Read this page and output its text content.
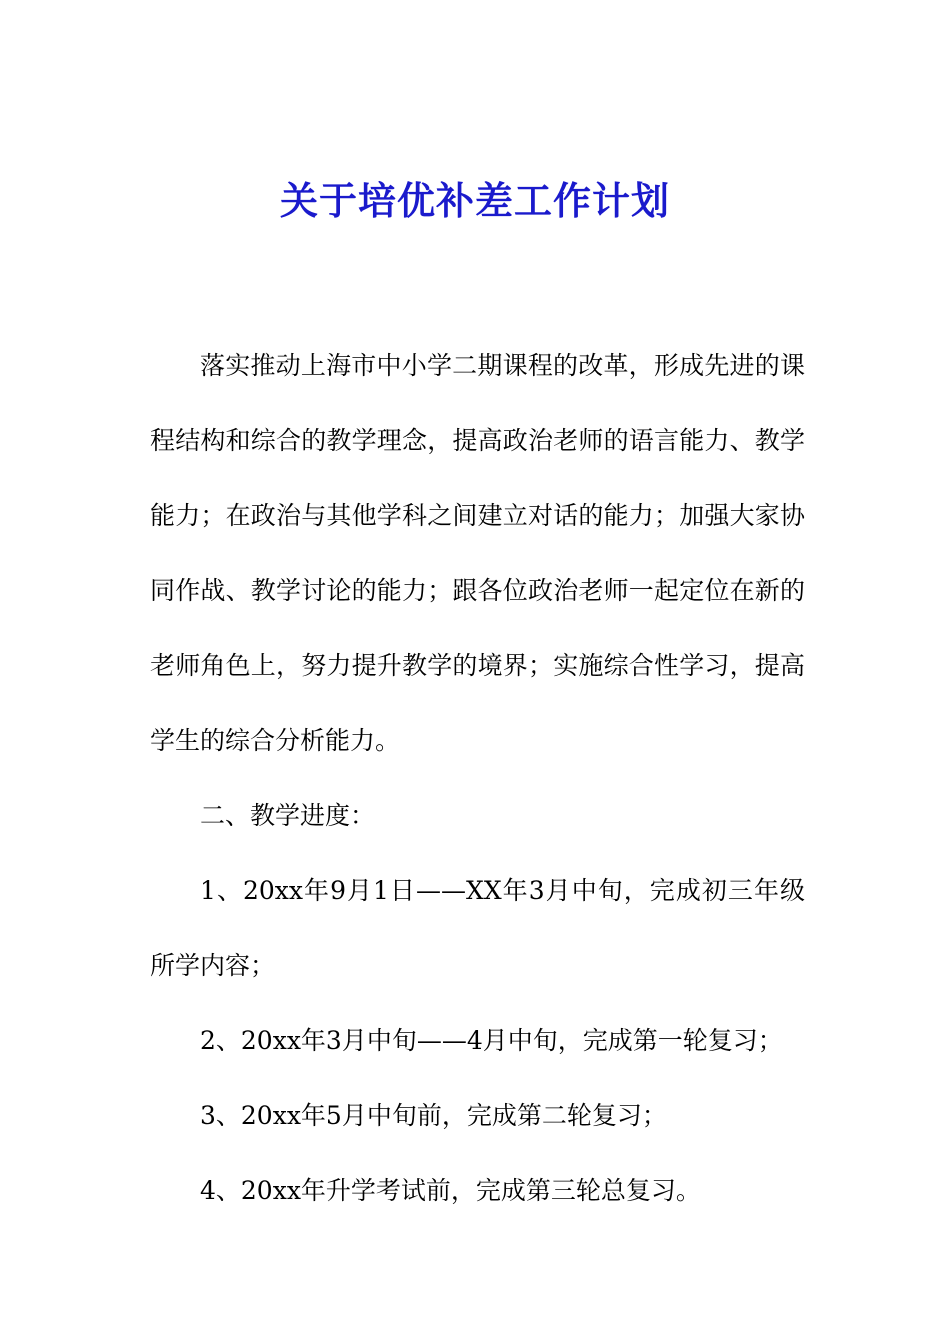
关于培优补差工作计划

落实推动上海市中小学二期课程的改革，形成先进的课程结构和综合的教学理念，提高政治老师的语言能力、教学能力；在政治与其他学科之间建立对话的能力；加强大家协同作战、教学讨论的能力；跟各位政治老师一起定位在新的老师角色上，努力提升教学的境界；实施综合性学习，提高学生的综合分析能力。

二、教学进度：

1、20xx年9月1日——XX年3月中旬，完成初三年级所学内容；

2、20xx年3月中旬——4月中旬，完成第一轮复习；

3、20xx年5月中旬前，完成第二轮复习；

4、20xx年升学考试前，完成第三轮总复习。
